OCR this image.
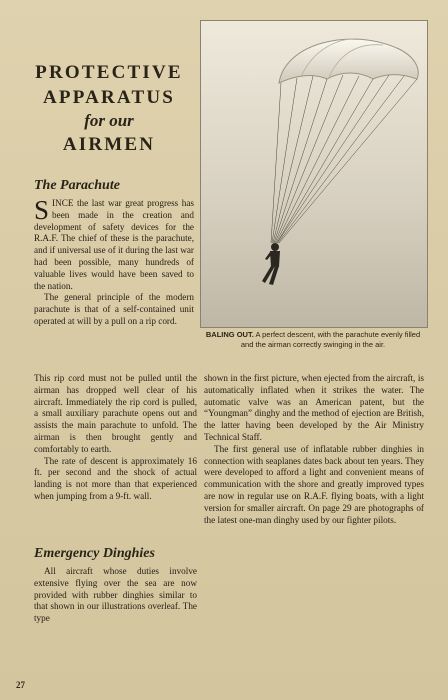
PROTECTIVE
APPARATUS
for our
AIRMEN
BALING OUT. A perfect descent, with the parachute evenly filled and the airman correctly swinging in the air.
The Parachute

SINCE the last war great progress has been made in the creation and development of safety devices for the R.A.F. The chief of these is the parachute, and if universal use of it during the last war had been possible, many hundreds of valuable lives would have been saved to the nation.

The general principle of the modern parachute is that of a self-contained unit operated at will by a pull on a rip cord.

This rip cord must not be pulled until the airman has dropped well clear of his aircraft. Immediately the rip cord is pulled, a small auxiliary parachute opens out and assists the main parachute to unfold. The airman is then brought gently and comfortably to earth.

The rate of descent is approximately 16 ft. per second and the shock of actual landing is not more than that experienced when jumping from a 9-ft. wall.

Emergency Dinghies

All aircraft whose duties involve extensive flying over the sea are now provided with rubber dinghies similar to that shown in our illustrations overleaf. The type

shown in the first picture, when ejected from the aircraft, is automatically inflated when it strikes the water. The automatic valve was an American patent, but the “Youngman” dinghy and the method of ejection are British, the latter having been developed by the Air Ministry Technical Staff.

The first general use of inflatable rubber dinghies in connection with seaplanes dates back about ten years. They were developed to afford a light and convenient means of communication with the shore and greatly improved types are now in regular use on R.A.F. flying boats, with a light version for smaller aircraft. On page 29 are photographs of the latest one-man dinghy used by our fighter pilots.

27
